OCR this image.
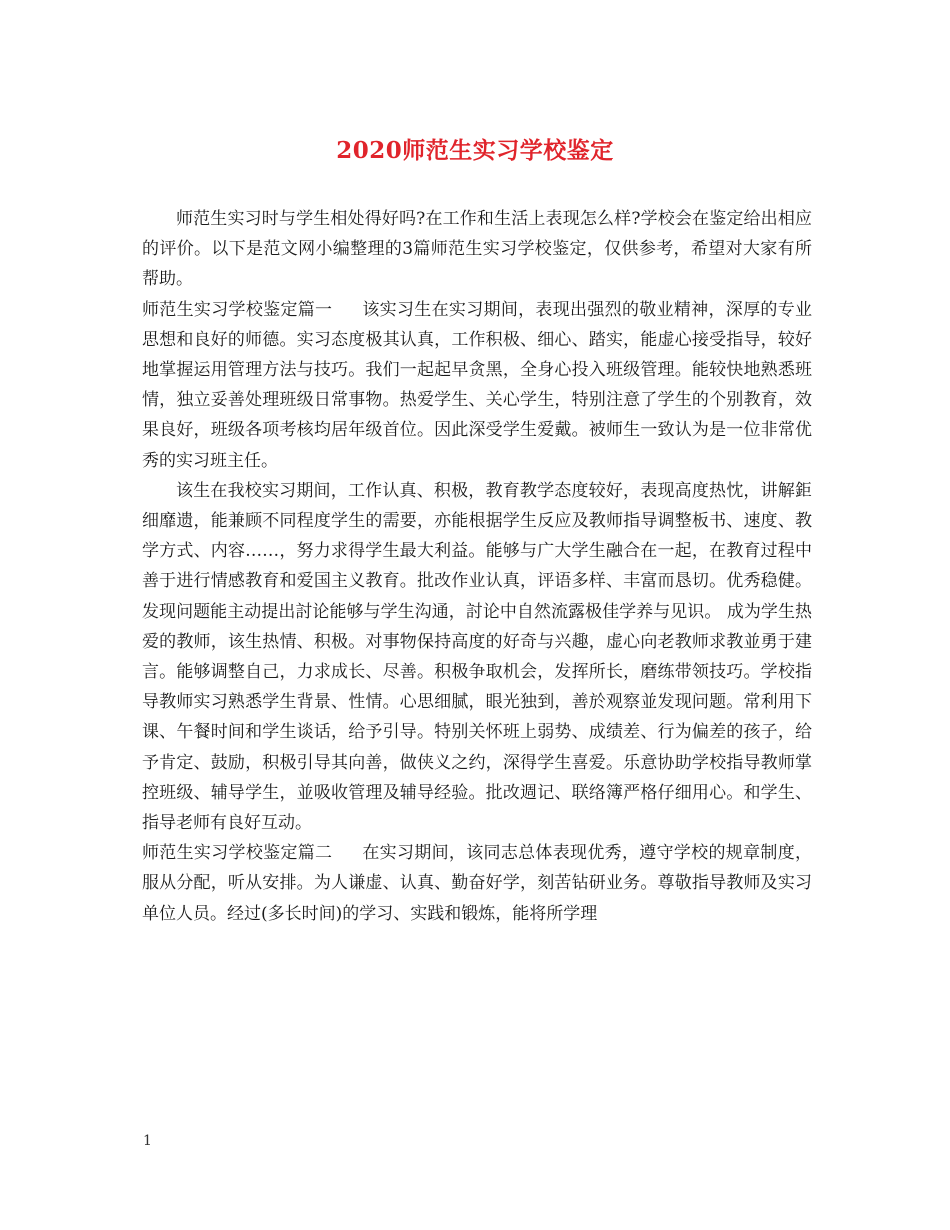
2020师范生实习学校鉴定

师范生实习时与学生相处得好吗?在工作和生活上表现怎么样?学校会在鉴定给出相应的评价。以下是范文网小编整理的3篇师范生实习学校鉴定，仅供参考，希望对大家有所帮助。

师范生实习学校鉴定篇一 该实习生在实习期间，表现出强烈的敬业精神，深厚的专业思想和良好的师德。实习态度极其认真，工作积极、细心、踏实，能虚心接受指导，较好地掌握运用管理方法与技巧。我们一起起早贪黑，全身心投入班级管理。能较快地熟悉班情，独立妥善处理班级日常事物。热爱学生、关心学生，特别注意了学生的个别教育，效果良好，班级各项考核均居年级首位。因此深受学生爱戴。被师生一致认为是一位非常优秀的实习班主任。

该生在我校实习期间，工作认真、积极，教育教学态度较好，表现高度热忱，讲解鉅细靡遗，能兼顾不同程度学生的需要，亦能根据学生反应及教师指导调整板书、速度、教学方式、内容……，努力求得学生最大利益。能够与广大学生融合在一起，在教育过程中善于进行情感教育和爱国主义教育。批改作业认真，评语多样、丰富而恳切。优秀稳健。发现问题能主动提出討论能够与学生沟通，討论中自然流露极佳学养与见识。 成为学生热爱的教师，该生热情、积极。对事物保持高度的好奇与兴趣，虚心向老教师求教並勇于建言。能够调整自己，力求成长、尽善。积极争取机会，发挥所长，磨练带领技巧。学校指导教师实习熟悉学生背景、性情。心思细腻，眼光独到，善於观察並发现问题。常利用下课、午餐时间和学生谈话，给予引导。特别关怀班上弱势、成绩差、行为偏差的孩子，给予肯定、鼓励，积极引导其向善，做侠义之约，深得学生喜爱。乐意协助学校指导教师掌控班级、辅导学生，並吸收管理及辅导经验。批改週记、联络簿严格仔细用心。和学生、指导老师有良好互动。

师范生实习学校鉴定篇二 在实习期间，该同志总体表现优秀，遵守学校的规章制度，服从分配，听从安排。为人谦虚、认真、勤奋好学，刻苦钻研业务。尊敬指导教师及实习单位人员。经过(多长时间)的学习、实践和锻炼，能将所学理

1
